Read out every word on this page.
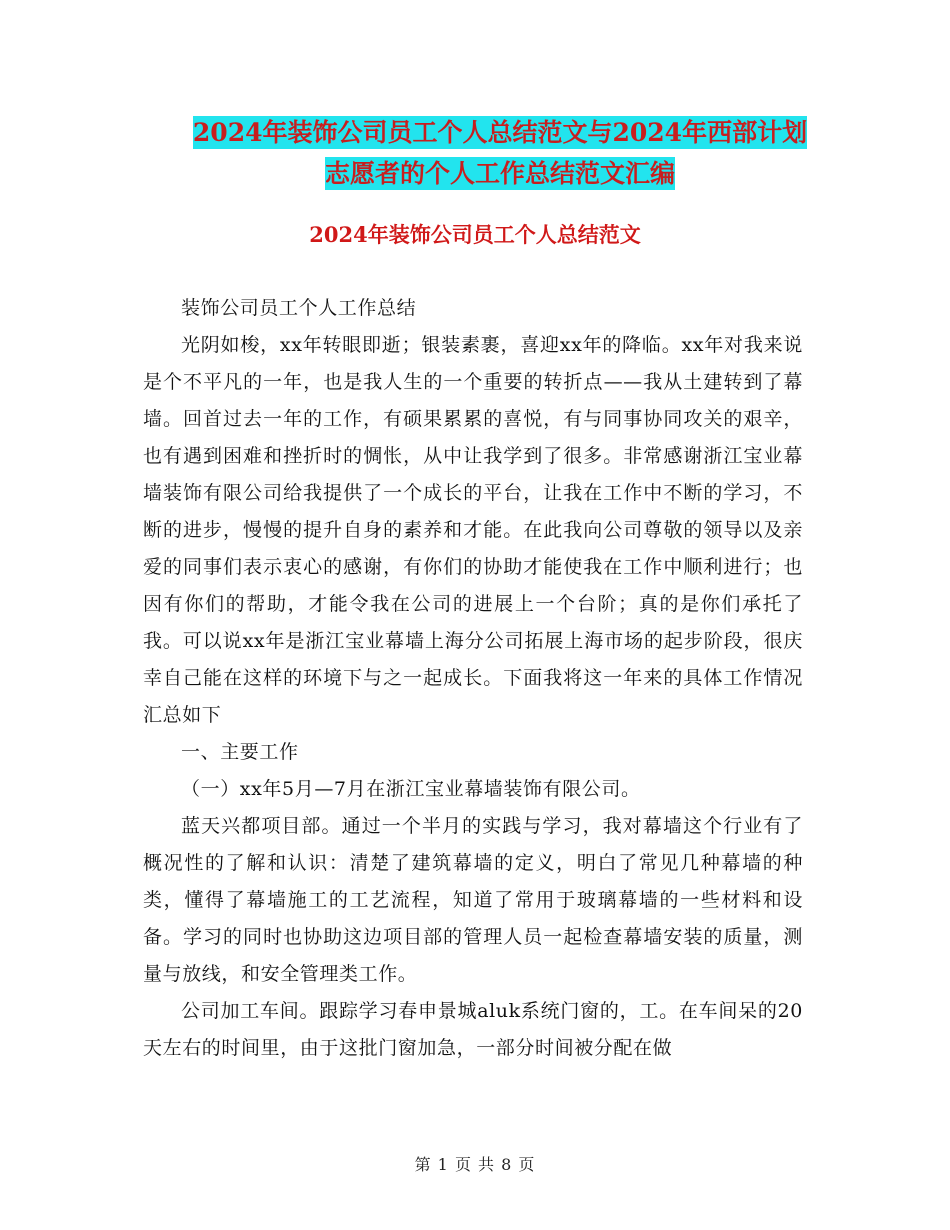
2024年装饰公司员工个人总结范文与2024年西部计划
志愿者的个人工作总结范文汇编
2024年装饰公司员工个人总结范文

装饰公司员工个人工作总结

光阴如梭，xx年转眼即逝；银装素裹，喜迎xx年的降临。xx年对我来说是个不平凡的一年，也是我人生的一个重要的转折点——我从土建转到了幕墙。回首过去一年的工作，有硕果累累的喜悦，有与同事协同攻关的艰辛，也有遇到困难和挫折时的惆怅，从中让我学到了很多。非常感谢浙江宝业幕墙装饰有限公司给我提供了一个成长的平台，让我在工作中不断的学习，不断的进步，慢慢的提升自身的素养和才能。在此我向公司尊敬的领导以及亲爱的同事们表示衷心的感谢，有你们的协助才能使我在工作中顺利进行；也因有你们的帮助，才能令我在公司的进展上一个台阶；真的是你们承托了我。可以说xx年是浙江宝业幕墙上海分公司拓展上海市场的起步阶段，很庆幸自己能在这样的环境下与之一起成长。下面我将这一年来的具体工作情况汇总如下

一、主要工作

（一）xx年5月—7月在浙江宝业幕墙装饰有限公司。

蓝天兴都项目部。通过一个半月的实践与学习，我对幕墙这个行业有了概况性的了解和认识：清楚了建筑幕墙的定义，明白了常见几种幕墙的种类，懂得了幕墙施工的工艺流程，知道了常用于玻璃幕墙的一些材料和设备。学习的同时也协助这边项目部的管理人员一起检查幕墙安装的质量，测量与放线，和安全管理类工作。

公司加工车间。跟踪学习春申景城aluk系统门窗的，工。在车间呆的20天左右的时间里，由于这批门窗加急，一部分时间被分配在做

第 1 页 共 8 页
